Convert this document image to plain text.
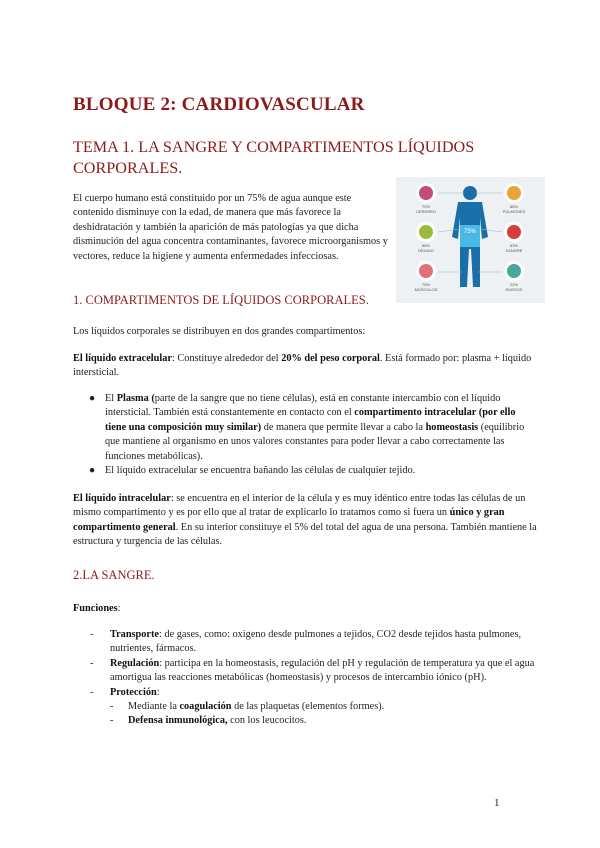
BLOQUE 2: CARDIOVASCULAR
TEMA 1. LA SANGRE Y COMPARTIMENTOS LÍQUIDOS CORPORALES.
El cuerpo humano está constituido por un 75% de agua aunque este contenido disminuye con la edad, de manera que más favorece la deshidratación y también la aparición de más patologías ya que dicha disminución del agua concentra contaminantes, favorece microorganismos y vectores, reduce la higiene y aumenta enfermedades infecciosas.
75%
70%
CEREBRO
86%
PULMONES
86%
HÍGADO
83%
SANGRE
75%
MÚSCULOS
22%
HUESOS
1. COMPARTIMENTOS DE LÍQUIDOS CORPORALES.
Los líquidos corporales se distribuyen en dos grandes compartimentos:
El líquido extracelular: Constituye alrededor del 20% del peso corporal. Está formado por: plasma + líquido intersticial.
● El Plasma (parte de la sangre que no tiene células), está en constante intercambio con el líquido intersticial. También está constantemente en contacto con el compartimento intracelular (por ello tiene una composición muy similar) de manera que permite llevar a cabo la homeostasis (equilibrio que mantiene al organismo en unos valores constantes para poder llevar a cabo correctamente las funciones metabólicas).
● El líquido extracelular se encuentra bañando las células de cualquier tejido.
El líquido intracelular: se encuentra en el interior de la célula y es muy idéntico entre todas las células de un mismo compartimento y es por ello que al tratar de explicarlo lo tratamos como si fuera un único y gran compartimento general. En su interior constituye el 5% del total del agua de una persona. También mantiene la estructura y turgencia de las células.
2.LA SANGRE.
Funciones:
- Transporte: de gases, como: oxígeno desde pulmones a tejidos, CO2 desde tejidos hasta pulmones, nutrientes, fármacos.
- Regulación: participa en la homeostasis, regulación del pH y regulación de temperatura ya que el agua amortigua las reacciones metabólicas (homeostasis) y procesos de intercambio iónico (pH).
- Protección:
- Mediante la coagulación de las plaquetas (elementos formes).
- Defensa inmunológica, con los leucocitos.
1
